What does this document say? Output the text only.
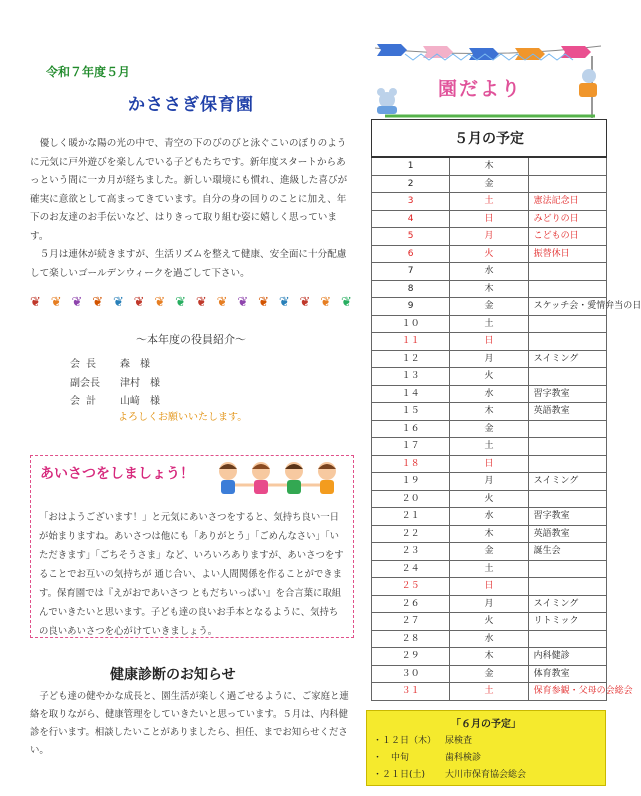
令和７年度５月
かささぎ保育園

優しく暖かな陽の光の中で、青空の下のびのびと泳ぐこいのぼりのように元気に戸外遊びを楽しんでいる子どもたちです。新年度スタートからあっという間に一カ月が経ちました。新しい環境にも慣れ、進級した喜びが確実に意欲として高まってきています。自分の身の回りのことに加え、年下のお友達のお手伝いなど、はりきって取り組む姿に嬉しく思っています。

５月は連休が続きますが、生活リズムを整えて健康、安全面に十分配慮して楽しいゴールデンウィークを過ごして下さい。

❦ ❦ ❦ ❦ ❦ ❦ ❦ ❦ ❦ ❦ ❦ ❦ ❦ ❦ ❦ ❦
～本年度の役員紹介～
会長	森　様
副会長	津村　様
会計	山﨑　様
よろしくお願いいたします。
あいさつをしましょう！

「おはようございます！」と元気にあいさつをすると、気持ち良い一日が始まりますね。あいさつは他にも「ありがとう」「ごめんなさい」「いただきます」「ごちそうさま」など、いろいろありますが、あいさつをすることでお互いの気持ちが 通じ合い、よい人間関係を作ることができます。保育園では『えがおであいさつ ともだちいっぱい』を合言葉に取組んでいきたいと思います。子ども達の良いお手本となるように、気持ちの良いあいさつを心がけていきましょう。

健康診断のお知らせ

子ども達の健やかな成長と、園生活が楽しく過ごせるように、ご家庭と連絡を取りながら、健康管理をしていきたいと思っています。５月は、内科健診を行います。相談したいことがありましたら、担任、までお知らせください。

園だより
５月の予定		
1	木	
2	金	
3	土	憲法記念日
4	日	みどりの日
5	月	こどもの日
6	火	振替休日
7	水	
8	木	
9	金	スケッチ会・愛情弁当の日
１０	土	
１１	日	
１２	月	スイミング
１３	火	
１４	水	習字教室
１５	木	英語教室
１６	金	
１７	土	
１８	日	
１９	月	スイミング
２０	火	
２１	水	習字教室
２２	木	英語教室
２３	金	誕生会
２４	土	
２５	日	
２６	月	スイミング
２７	火	リトミック
２８	水	
２９	木	内科健診
３０	金	体育教室
３１	土	保育参観・父母の会総会
「６月の予定」
・１２日（木） 尿検査
・　中旬	歯科検診
・２１日(土) 大川市保育協会総会
